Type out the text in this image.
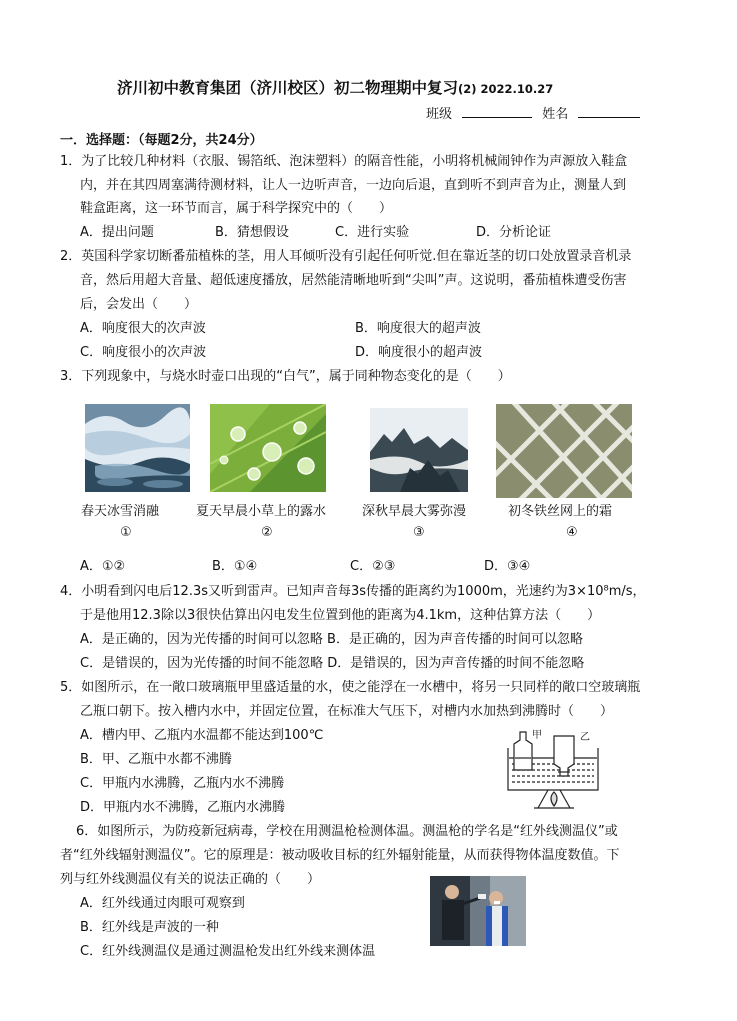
济川初中教育集团（济川校区）初二物理期中复习(2) 2022.10.27
班级	姓名
一．选择题：（每题2分，共24分）
1．为了比较几种材料（衣服、锡箔纸、泡沫塑料）的隔音性能，小明将机械闹钟作为声源放入鞋盒
内，并在其四周塞满待测材料，让人一边听声音，一边向后退，直到听不到声音为止，测量人到
鞋盒距离，这一环节而言，属于科学探究中的（　　）
A．提出问题	B．猜想假设	C．进行实验	D．分析论证
2．英国科学家切断番茄植株的茎，用人耳倾听没有引起任何听觉.但在靠近茎的切口处放置录音机录
音，然后用超大音量、超低速度播放，居然能清晰地听到“尖叫”声。这说明，番茄植株遭受伤害
后，会发出（　　）
A．响度很大的次声波	B．响度很大的超声波
C．响度很小的次声波	D．响度很小的超声波
3．下列现象中，与烧水时壶口出现的“白气”，属于同种物态变化的是（　　）
春天冰雪消融	夏天早晨小草上的露水	深秋早晨大雾弥漫	初冬铁丝网上的霜
①	②	③	④
A．①②	B．①④	C．②③	D．③④
4．小明看到闪电后12.3s又听到雷声。已知声音每3s传播的距离约为1000m，光速约为3×10⁸m/s，
于是他用12.3除以3很快估算出闪电发生位置到他的距离为4.1km，这种估算方法（　　）
A．是正确的，因为光传播的时间可以忽略 B．是正确的，因为声音传播的时间可以忽略
C．是错误的，因为光传播的时间不能忽略 D．是错误的，因为声音传播的时间不能忽略
5．如图所示，在一敞口玻璃瓶甲里盛适量的水，使之能浮在一水槽中，将另一只同样的敞口空玻璃瓶
乙瓶口朝下。按入槽内水中，并固定位置，在标准大气压下，对槽内水加热到沸腾时（　　）
A．槽内甲、乙瓶内水温都不能达到100℃
B．甲、乙瓶中水都不沸腾
C．甲瓶内水沸腾，乙瓶内水不沸腾
D．甲瓶内水不沸腾，乙瓶内水沸腾
甲	乙
6．如图所示，为防疫新冠病毒，学校在用测温枪检测体温。测温枪的学名是“红外线测温仪”或
者“红外线辐射测温仪”。它的原理是：被动吸收目标的红外辐射能量，从而获得物体温度数值。下
列与红外线测温仪有关的说法正确的（　　）
A．红外线通过肉眼可观察到
B．红外线是声波的一种
C．红外线测温仪是通过测温枪发出红外线来测体温
